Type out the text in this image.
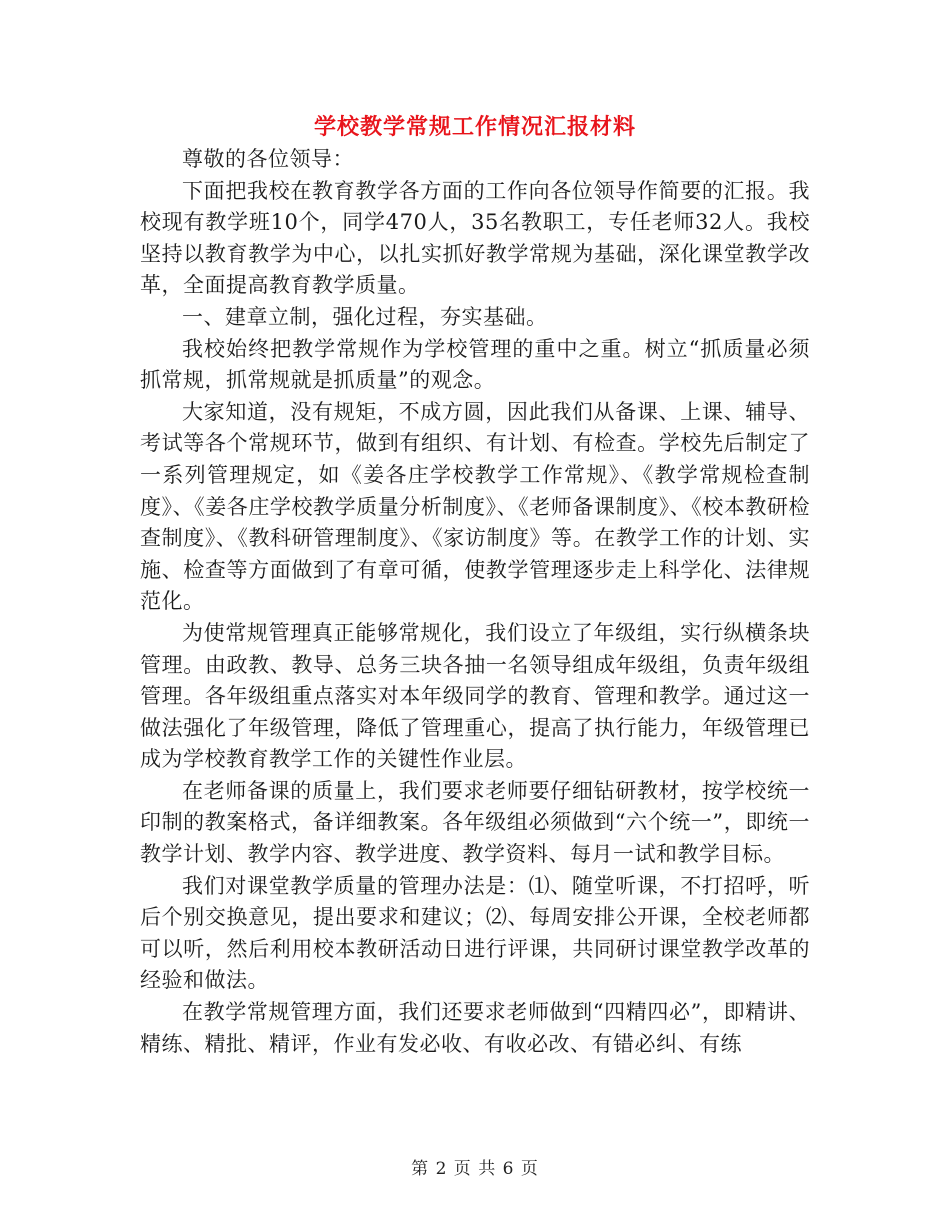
学校教学常规工作情况汇报材料

尊敬的各位领导：

下面把我校在教育教学各方面的工作向各位领导作简要的汇报。我校现有教学班10个，同学470人，35名教职工，专任老师32人。我校坚持以教育教学为中心，以扎实抓好教学常规为基础，深化课堂教学改革，全面提高教育教学质量。

一、建章立制，强化过程，夯实基础。

我校始终把教学常规作为学校管理的重中之重。树立“抓质量必须抓常规，抓常规就是抓质量”的观念。

大家知道，没有规矩，不成方圆，因此我们从备课、上课、辅导、考试等各个常规环节，做到有组织、有计划、有检查。学校先后制定了一系列管理规定，如《姜各庄学校教学工作常规》、《教学常规检查制度》、《姜各庄学校教学质量分析制度》、《老师备课制度》、《校本教研检查制度》、《教科研管理制度》、《家访制度》等。在教学工作的计划、实施、检查等方面做到了有章可循，使教学管理逐步走上科学化、法律规范化。

为使常规管理真正能够常规化，我们设立了年级组，实行纵横条块管理。由政教、教导、总务三块各抽一名领导组成年级组，负责年级组管理。各年级组重点落实对本年级同学的教育、管理和教学。通过这一做法强化了年级管理，降低了管理重心，提高了执行能力，年级管理已成为学校教育教学工作的关键性作业层。

在老师备课的质量上，我们要求老师要仔细钻研教材，按学校统一印制的教案格式，备详细教案。各年级组必须做到“六个统一”，即统一教学计划、教学内容、教学进度、教学资料、每月一试和教学目标。

我们对课堂教学质量的管理办法是：⑴、随堂听课，不打招呼，听后个别交换意见，提出要求和建议；⑵、每周安排公开课，全校老师都可以听，然后利用校本教研活动日进行评课，共同研讨课堂教学改革的经验和做法。

在教学常规管理方面，我们还要求老师做到“四精四必”，即精讲、精练、精批、精评，作业有发必收、有收必改、有错必纠、有练

第 2 页 共 6 页
